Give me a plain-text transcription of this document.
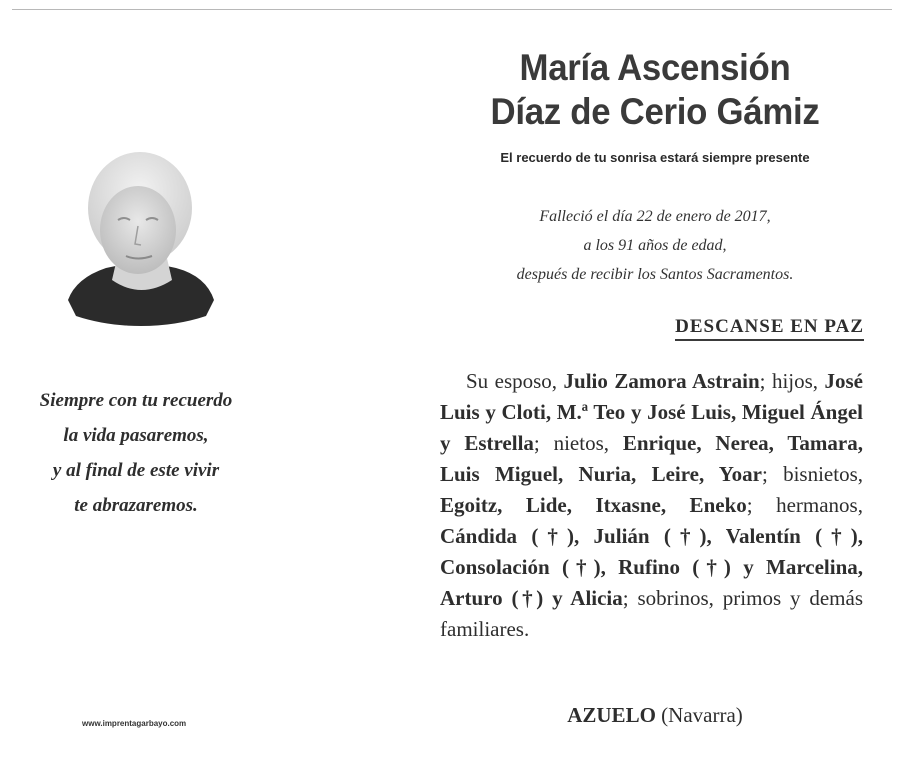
Siempre con tu recuerdo
la vida pasaremos,
y al final de este vivir
te abrazaremos.
www.imprentagarbayo.com
María Ascensión
Díaz de Cerio Gámiz
El recuerdo de tu sonrisa estará siempre presente
Falleció el día 22 de enero de 2017,
a los 91 años de edad,
después de recibir los Santos Sacramentos.
DESCANSE EN PAZ
Su esposo, Julio Zamora Astrain; hijos, José Luis y Cloti, M.ª Teo y José Luis, Miguel Ángel y Estrella; nietos, Enrique, Nerea, Tamara, Luis Miguel, Nuria, Leire, Yoar; bisnietos, Egoitz, Lide, Itxasne, Eneko; hermanos, Cándida (†), Julián (†), Valentín (†), Consolación (†), Rufino (†) y Marcelina, Arturo (†) y Alicia; sobrinos, primos y demás familiares.
AZUELO (Navarra)
